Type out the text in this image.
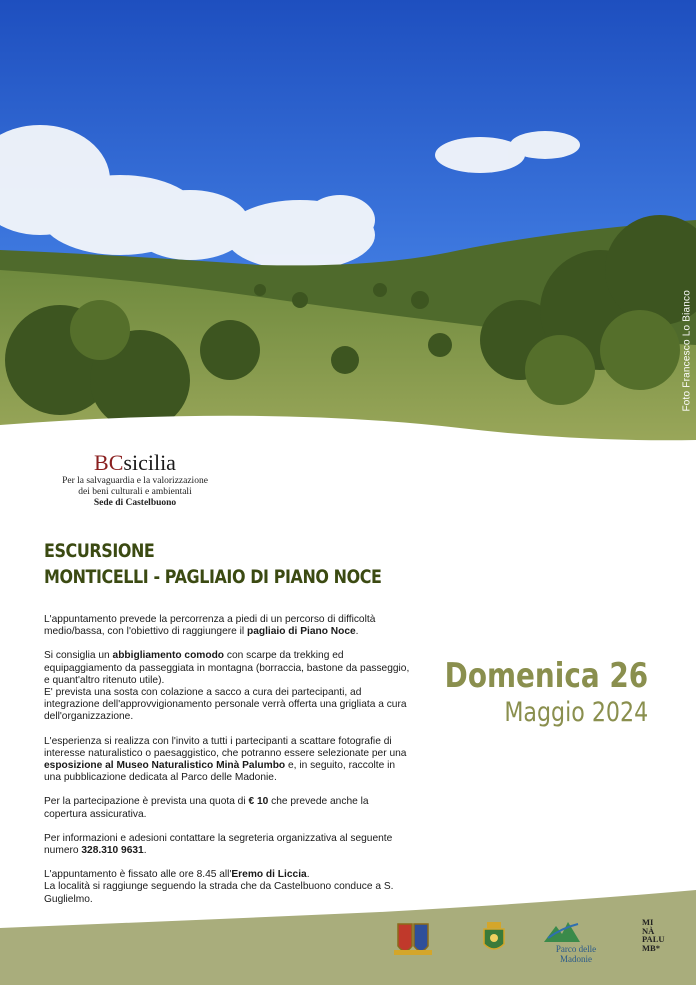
Foto Francesco Lo Bianco
BCsicilia
Per la salvaguardia e la valorizzazione
dei beni culturali e ambientali
Sede di Castelbuono
ESCURSIONE
MONTICELLI - PAGLIAIO DI PIANO NOCE

L'appuntamento prevede la percorrenza a piedi di un percorso di difficoltà medio/bassa, con l'obiettivo di raggiungere il pagliaio di Piano Noce.

Si consiglia un abbigliamento comodo con scarpe da trekking ed equipaggiamento da passeggiata in montagna (borraccia, bastone da passeggio, e quant'altro ritenuto utile).
E' prevista una sosta con colazione a sacco a cura dei partecipanti, ad integrazione dell'approvvigionamento personale verrà offerta una grigliata a cura dell'organizzazione.

L'esperienza si realizza con l'invito a tutti i partecipanti a scattare fotografie di interesse naturalistico o paesaggistico, che potranno essere selezionate per una esposizione al Museo Naturalistico Minà Palumbo e, in seguito, raccolte in una pubblicazione dedicata al Parco delle Madonie.

Per la partecipazione è prevista una quota di € 10 che prevede anche la copertura assicurativa.

Per informazioni e adesioni contattare la segreteria organizzativa al seguente numero 328.310 9631.

L'appuntamento è fissato alle ore 8.45 all'Eremo di Liccia.
La località si raggiunge seguendo la strada che da Castelbuono conduce a S. Guglielmo.

Domenica 26
Maggio 2024
Parco delle Madonie
MI
NÀ
PALU
MB*
